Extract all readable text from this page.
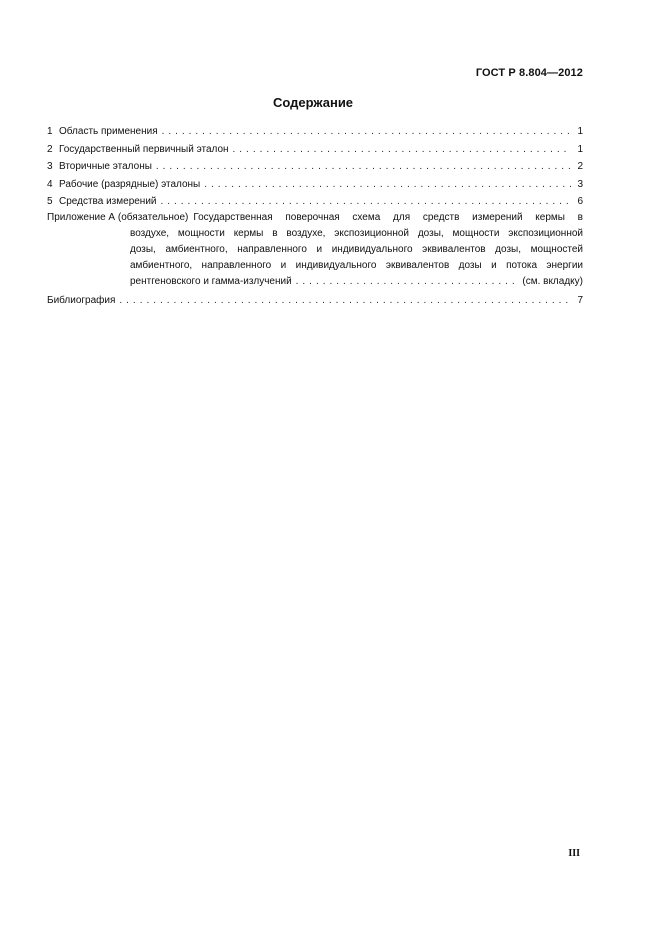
ГОСТ Р 8.804—2012
Содержание
1 Область применения . . .	1
2 Государственный первичный эталон . . .	1
3 Вторичные эталоны . . .	2
4 Рабочие (разрядные) эталоны . . .	3
5 Средства измерений . . .	6
Приложение А (обязательное) Государственная поверочная схема для средств измерений кермы в
воздухе, мощности кермы в воздухе, экспозиционной дозы, мощности экспозиционной
дозы, амбиентного, направленного и индивидуального эквивалентов дозы, мощностей
амбиентного, направленного и индивидуального эквивалентов дозы и потока энергии
рентгеновского и гамма-излучений . . .	(см. вкладку)
Библиография . . .	7
III
